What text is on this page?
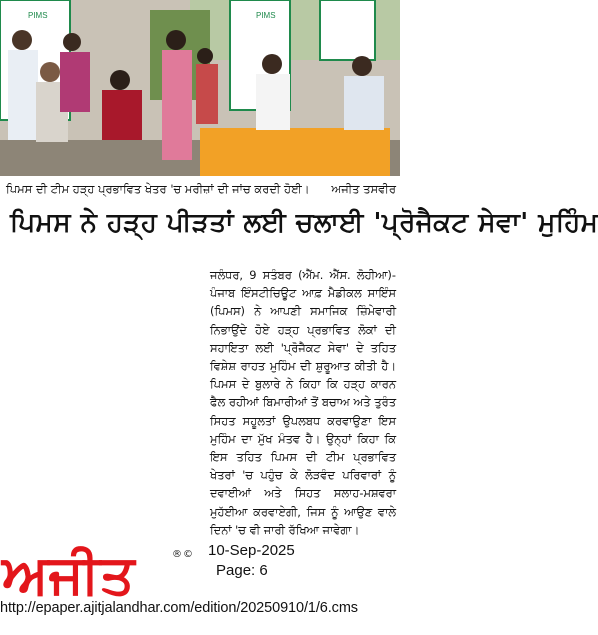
PIMS	PIMS
ਪਿਮਸ ਦੀ ਟੀਮ ਹੜ੍ਹ ਪ੍ਰਭਾਵਿਤ ਖੇਤਰ 'ਚ ਮਰੀਜ਼ਾਂ ਦੀ ਜਾਂਚ ਕਰਦੀ ਹੋਈ। ਅਜੀਤ ਤਸਵੀਰ
ਪਿਮਸ ਨੇ ਹੜ੍ਹ ਪੀੜਤਾਂ ਲਈ ਚਲਾਈ 'ਪ੍ਰੋਜੈਕਟ ਸੇਵਾ' ਮੁਹਿੰਮ

ਜਲੰਧਰ, 9 ਸਤੰਬਰ (ਐੱਮ. ਐੱਸ. ਲੋਹੀਆ)-ਪੰਜਾਬ ਇੰਸਟੀਚਿਊਟ ਆਫ਼ ਮੈਡੀਕਲ ਸਾਇੰਸ (ਪਿਮਸ) ਨੇ ਆਪਣੀ ਸਮਾਜਿਕ ਜ਼ਿੰਮੇਵਾਰੀ ਨਿਭਾਉਂਦੇ ਹੋਏ ਹੜ੍ਹ ਪ੍ਰਭਾਵਿਤ ਲੋਕਾਂ ਦੀ ਸਹਾਇਤਾ ਲਈ 'ਪ੍ਰੋਜੈਕਟ ਸੇਵਾ' ਦੇ ਤਹਿਤ ਵਿਸ਼ੇਸ਼ ਰਾਹਤ ਮੁਹਿੰਮ ਦੀ ਸ਼ੁਰੂਆਤ ਕੀਤੀ ਹੈ। ਪਿਮਸ ਦੇ ਬੁਲਾਰੇ ਨੇ ਕਿਹਾ ਕਿ ਹੜ੍ਹ ਕਾਰਨ ਫੈਲ ਰਹੀਆਂ ਬਿਮਾਰੀਆਂ ਤੋਂ ਬਚਾਅ ਅਤੇ ਤੁਰੰਤ ਸਿਹਤ ਸਹੂਲਤਾਂ ਉਪਲਬਧ ਕਰਵਾਉਣਾ ਇਸ ਮੁਹਿੰਮ ਦਾ ਮੁੱਖ ਮੰਤਵ ਹੈ। ਉਨ੍ਹਾਂ ਕਿਹਾ ਕਿ ਇਸ ਤਹਿਤ ਪਿਮਸ ਦੀ ਟੀਮ ਪ੍ਰਭਾਵਿਤ ਖੇਤਰਾਂ 'ਚ ਪਹੁੰਚ ਕੇ ਲੋੜਵੰਦ ਪਰਿਵਾਰਾਂ ਨੂੰ ਦਵਾਈਆਂ ਅਤੇ ਸਿਹਤ ਸਲਾਹ-ਮਸ਼ਵਰਾ ਮੁਹੱਈਆ ਕਰਵਾਏਗੀ, ਜਿਸ ਨੂੰ ਆਉਣ ਵਾਲੇ ਦਿਨਾਂ 'ਚ ਵੀ ਜਾਰੀ ਰੱਖਿਆ ਜਾਵੇਗਾ।

ਅਜੀਤ	® © 10-Sep-2025
Page: 6
http://epaper.ajitjalandhar.com/edition/20250910/1/6.cms
